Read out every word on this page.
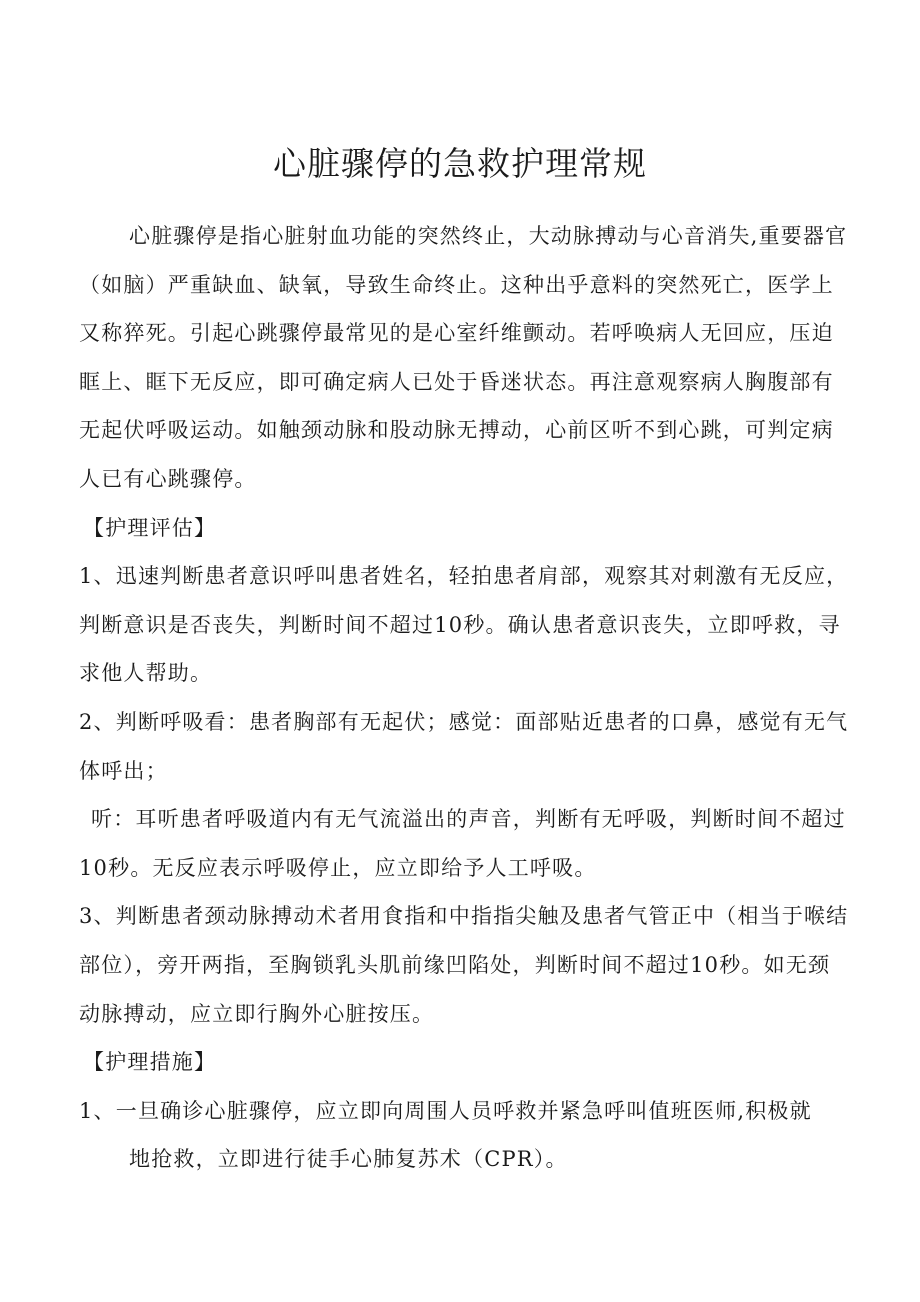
心脏骤停的急救护理常规

心脏骤停是指心脏射血功能的突然终止，大动脉搏动与心音消失,重要器官（如脑）严重缺血、缺氧，导致生命终止。这种出乎意料的突然死亡，医学上又称猝死。引起心跳骤停最常见的是心室纤维颤动。若呼唤病人无回应，压迫眶上、眶下无反应，即可确定病人已处于昏迷状态。再注意观察病人胸腹部有无起伏呼吸运动。如触颈动脉和股动脉无搏动，心前区听不到心跳，可判定病人已有心跳骤停。

【护理评估】

1、迅速判断患者意识呼叫患者姓名，轻拍患者肩部，观察其对刺激有无反应，判断意识是否丧失，判断时间不超过10秒。确认患者意识丧失，立即呼救，寻求他人帮助。

2、判断呼吸看：患者胸部有无起伏；感觉：面部贴近患者的口鼻，感觉有无气体呼出；

听：耳听患者呼吸道内有无气流溢出的声音，判断有无呼吸，判断时间不超过10秒。无反应表示呼吸停止，应立即给予人工呼吸。

3、判断患者颈动脉搏动术者用食指和中指指尖触及患者气管正中（相当于喉结部位），旁开两指，至胸锁乳头肌前缘凹陷处，判断时间不超过10秒。如无颈动脉搏动，应立即行胸外心脏按压。

【护理措施】

1、一旦确诊心脏骤停，应立即向周围人员呼救并紧急呼叫值班医师,积极就

地抢救，立即进行徒手心肺复苏术（CPR）。
